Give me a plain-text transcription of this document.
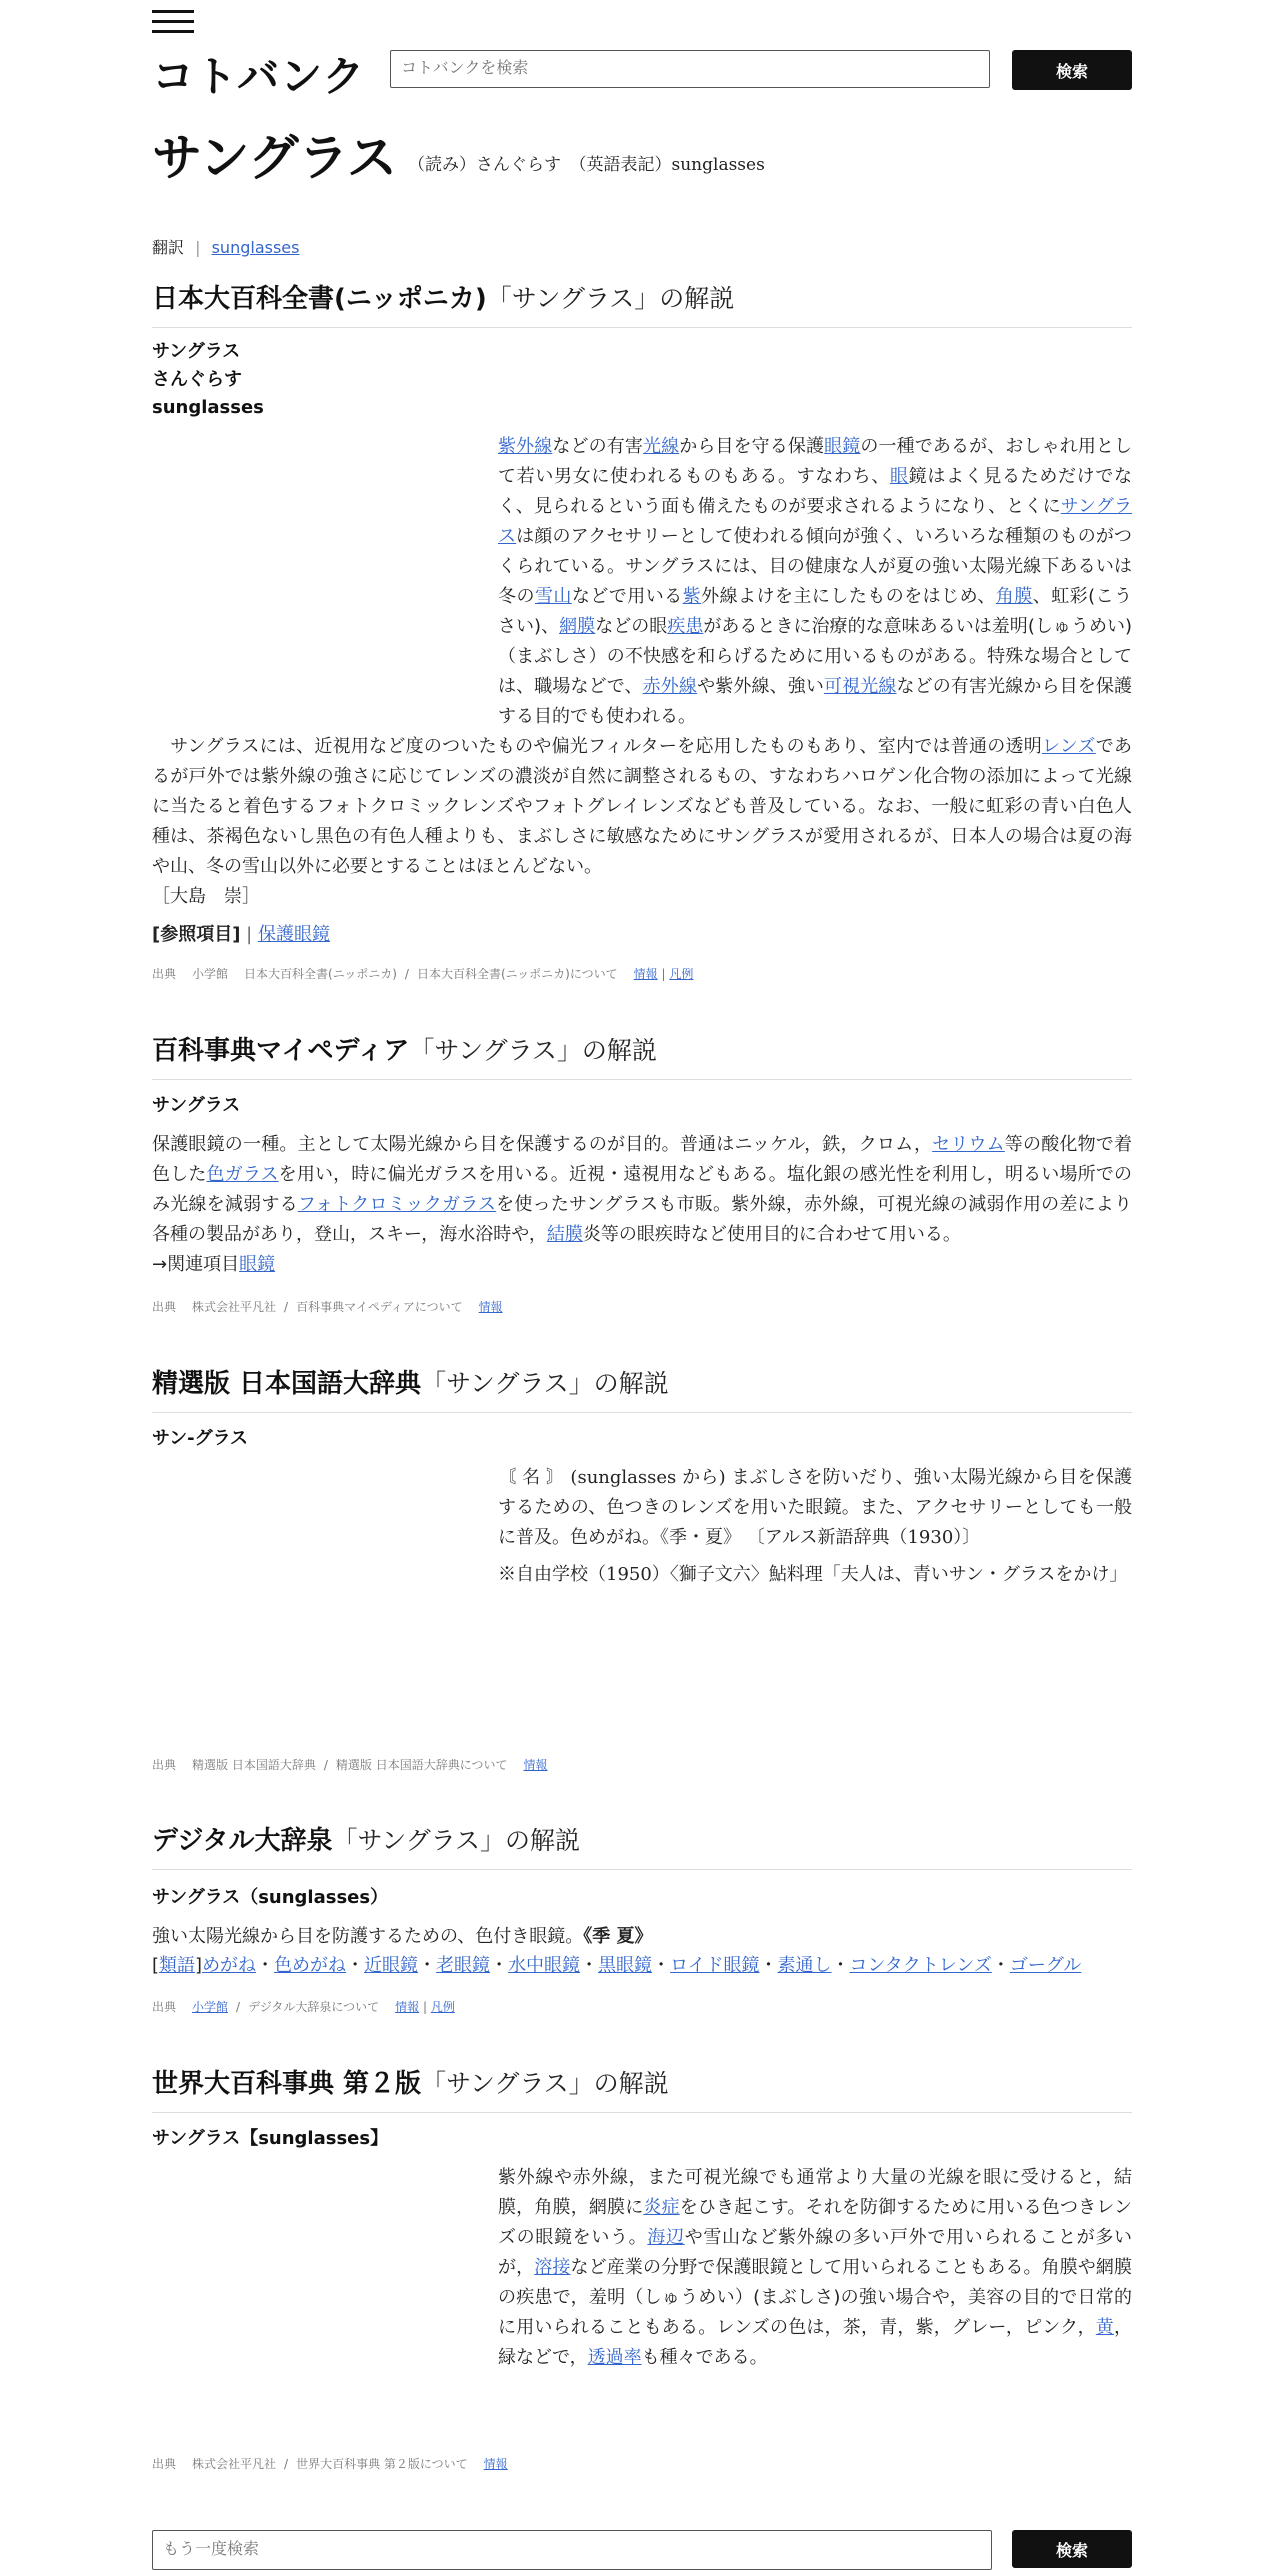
コトバンク
コトバンクを検索	検索
サングラス （読み）さんぐらす　（英語表記）sunglasses
翻訳 | sunglasses
日本大百科全書(ニッポニカ)「サングラス」の解説
サングラス
さんぐらす
sunglasses
紫外線などの有害光線から目を守る保護眼鏡の一種であるが、おしゃれ用として若い男女に使われるものもある。すなわち、眼鏡はよく見るためだけでなく、見られるという面も備えたものが要求されるようになり、とくにサングラスは顔のアクセサリーとして使われる傾向が強く、いろいろな種類のものがつくられている。サングラスには、目の健康な人が夏の強い太陽光線下あるいは冬の雪山などで用いる紫外線よけを主にしたものをはじめ、角膜、虹彩(こうさい)、網膜などの眼疾患があるときに治療的な意味あるいは羞明(しゅうめい)（まぶしさ）の不快感を和らげるために用いるものがある。特殊な場合としては、職場などで、赤外線や紫外線、強い可視光線などの有害光線から目を保護する目的でも使われる。
　サングラスには、近視用など度のついたものや偏光フィルターを応用したものもあり、室内では普通の透明レンズであるが戸外では紫外線の強さに応じてレンズの濃淡が自然に調整されるもの、すなわちハロゲン化合物の添加によって光線に当たると着色するフォトクロミックレンズやフォトグレイレンズなども普及している。なお、一般に虹彩の青い白色人種は、茶褐色ないし黒色の有色人種よりも、まぶしさに敏感なためにサングラスが愛用されるが、日本人の場合は夏の海や山、冬の雪山以外に必要とすることはほとんどない。
［大島　崇］
[参照項目] | 保護眼鏡
出典 小学館 日本大百科全書(ニッポニカ) / 日本大百科全書(ニッポニカ)について 情報 | 凡例
百科事典マイペディア「サングラス」の解説
サングラス
保護眼鏡の一種。主として太陽光線から目を保護するのが目的。普通はニッケル，鉄，クロム，セリウム等の酸化物で着色した色ガラスを用い，時に偏光ガラスを用いる。近視・遠視用などもある。塩化銀の感光性を利用し，明るい場所でのみ光線を減弱するフォトクロミックガラスを使ったサングラスも市販。紫外線，赤外線，可視光線の減弱作用の差により各種の製品があり，登山，スキー，海水浴時や，結膜炎等の眼疾時など使用目的に合わせて用いる。
→関連項目眼鏡
出典 株式会社平凡社 / 百科事典マイペディアについて 情報
精選版 日本国語大辞典「サングラス」の解説
サン‐グラス
〘 名 〙 (sunglasses から) まぶしさを防いだり、強い太陽光線から目を保護するための、色つきのレンズを用いた眼鏡。また、アクセサリーとしても一般に普及。色めがね。《季・夏》 〔アルス新語辞典（1930）〕
※自由学校（1950）〈獅子文六〉鮎料理「夫人は、青いサン・グラスをかけ」
出典 精選版 日本国語大辞典 / 精選版 日本国語大辞典について 情報
デジタル大辞泉「サングラス」の解説
サングラス（sunglasses）
強い太陽光線から目を防護するための、色付き眼鏡。《季 夏》
[類語]めがね・色めがね・近眼鏡・老眼鏡・水中眼鏡・黒眼鏡・ロイド眼鏡・素通し・コンタクトレンズ・ゴーグル
出典 小学館 / デジタル大辞泉について 情報 | 凡例
世界大百科事典 第２版「サングラス」の解説
サングラス【sunglasses】
紫外線や赤外線，また可視光線でも通常より大量の光線を眼に受けると，結膜，角膜，網膜に炎症をひき起こす。それを防御するために用いる色つきレンズの眼鏡をいう。海辺や雪山など紫外線の多い戸外で用いられることが多いが，溶接など産業の分野で保護眼鏡として用いられることもある。角膜や網膜の疾患で，羞明（しゅうめい）(まぶしさ)の強い場合や，美容の目的で日常的に用いられることもある。レンズの色は，茶，青，紫，グレー，ピンク，黄，緑などで，透過率も種々である。
出典 株式会社平凡社 / 世界大百科事典 第２版について 情報
もう一度検索
検索
